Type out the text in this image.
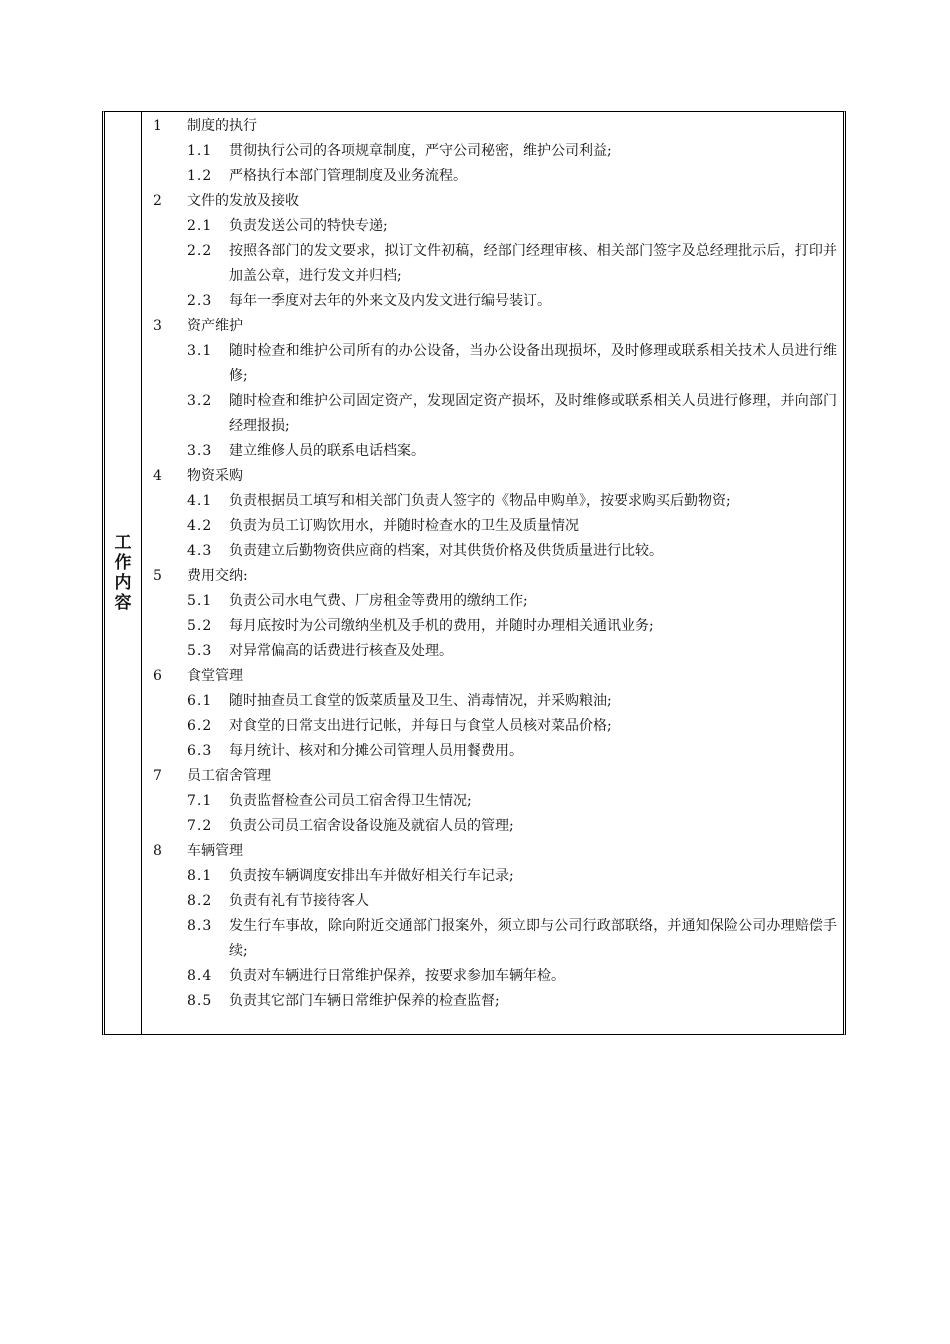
工作内容
1 制度的执行
1.1 贯彻执行公司的各项规章制度，严守公司秘密，维护公司利益;
1.2 严格执行本部门管理制度及业务流程。
2 文件的发放及接收
2.1 负责发送公司的特快专递;
2.2 按照各部门的发文要求，拟订文件初稿，经部门经理审核、相关部门签字及总经理批示后，打印并加盖公章，进行发文并归档;
2.3 每年一季度对去年的外来文及内发文进行编号装订。
3 资产维护
3.1 随时检查和维护公司所有的办公设备，当办公设备出现损坏，及时修理或联系相关技术人员进行维修;
3.2 随时检查和维护公司固定资产，发现固定资产损坏，及时维修或联系相关人员进行修理，并向部门经理报损;
3.3 建立维修人员的联系电话档案。
4 物资采购
4.1 负责根据员工填写和相关部门负责人签字的《物品申购单》，按要求购买后勤物资;
4.2 负责为员工订购饮用水，并随时检查水的卫生及质量情况
4.3 负责建立后勤物资供应商的档案，对其供货价格及供货质量进行比较。
5 费用交纳:
5.1 负责公司水电气费、厂房租金等费用的缴纳工作;
5.2 每月底按时为公司缴纳坐机及手机的费用，并随时办理相关通讯业务;
5.3 对异常偏高的话费进行核查及处理。
6 食堂管理
6.1 随时抽查员工食堂的饭菜质量及卫生、消毒情况，并采购粮油;
6.2 对食堂的日常支出进行记帐，并每日与食堂人员核对菜品价格;
6.3 每月统计、核对和分摊公司管理人员用餐费用。
7 员工宿舍管理
7.1 负责监督检查公司员工宿舍得卫生情况;
7.2 负责公司员工宿舍设备设施及就宿人员的管理;
8 车辆管理
8.1 负责按车辆调度安排出车并做好相关行车记录;
8.2 负责有礼有节接待客人
8.3 发生行车事故，除向附近交通部门报案外，须立即与公司行政部联络，并通知保险公司办理赔偿手续;
8.4 负责对车辆进行日常维护保养，按要求参加车辆年检。
8.5 负责其它部门车辆日常维护保养的检查监督;
